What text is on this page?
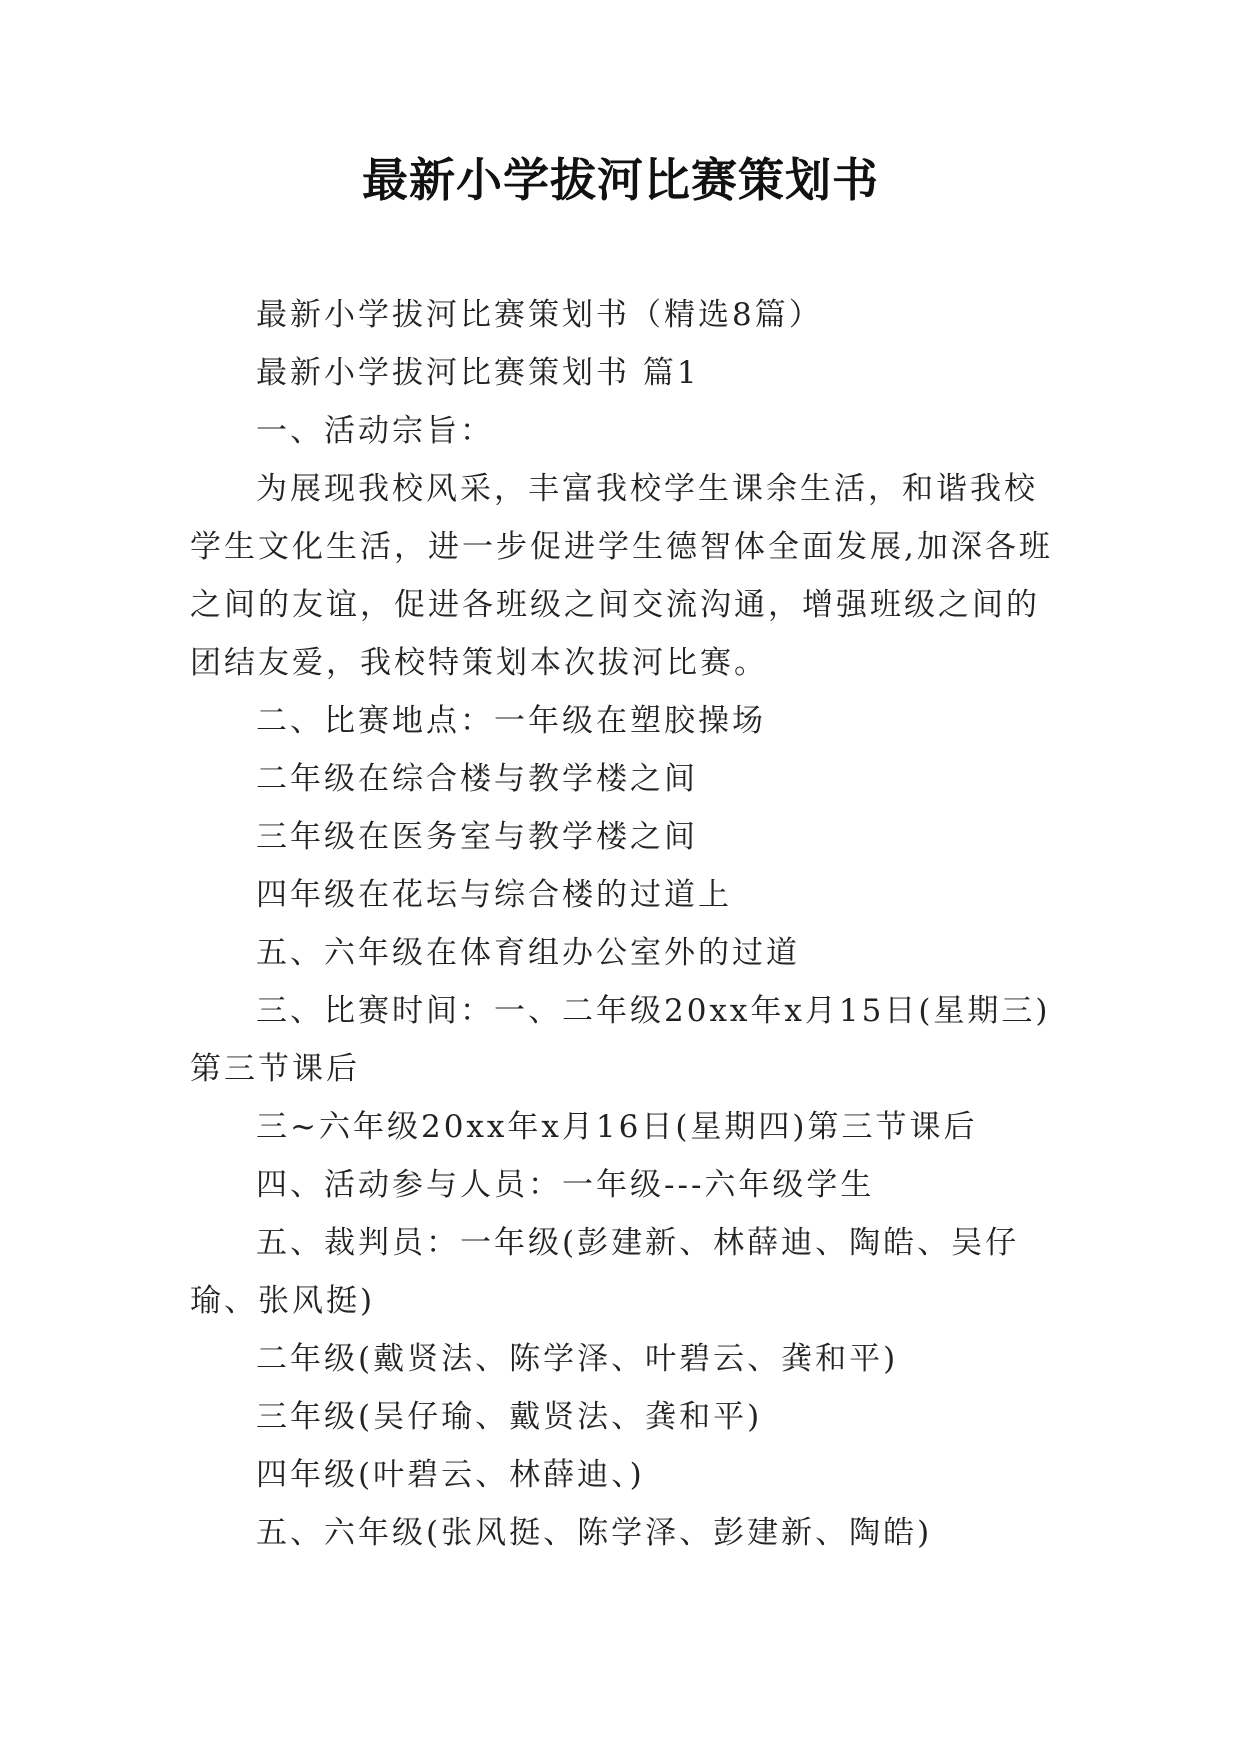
最新小学拔河比赛策划书

最新小学拔河比赛策划书（精选8篇）

最新小学拔河比赛策划书 篇1

一、活动宗旨：

为展现我校风采，丰富我校学生课余生活，和谐我校学生文化生活，进一步促进学生德智体全面发展,加深各班之间的友谊，促进各班级之间交流沟通，增强班级之间的团结友爱，我校特策划本次拔河比赛。

二、比赛地点：一年级在塑胶操场

二年级在综合楼与教学楼之间

三年级在医务室与教学楼之间

四年级在花坛与综合楼的过道上

五、六年级在体育组办公室外的过道

三、比赛时间：一、二年级20xx年x月15日(星期三)第三节课后

三~六年级20xx年x月16日(星期四)第三节课后

四、活动参与人员：一年级---六年级学生

五、裁判员：一年级(彭建新、林薛迪、陶皓、吴仔瑜、张风挺)

二年级(戴贤法、陈学泽、叶碧云、龚和平)

三年级(吴仔瑜、戴贤法、龚和平)

四年级(叶碧云、林薛迪、)

五、六年级(张风挺、陈学泽、彭建新、陶皓)
